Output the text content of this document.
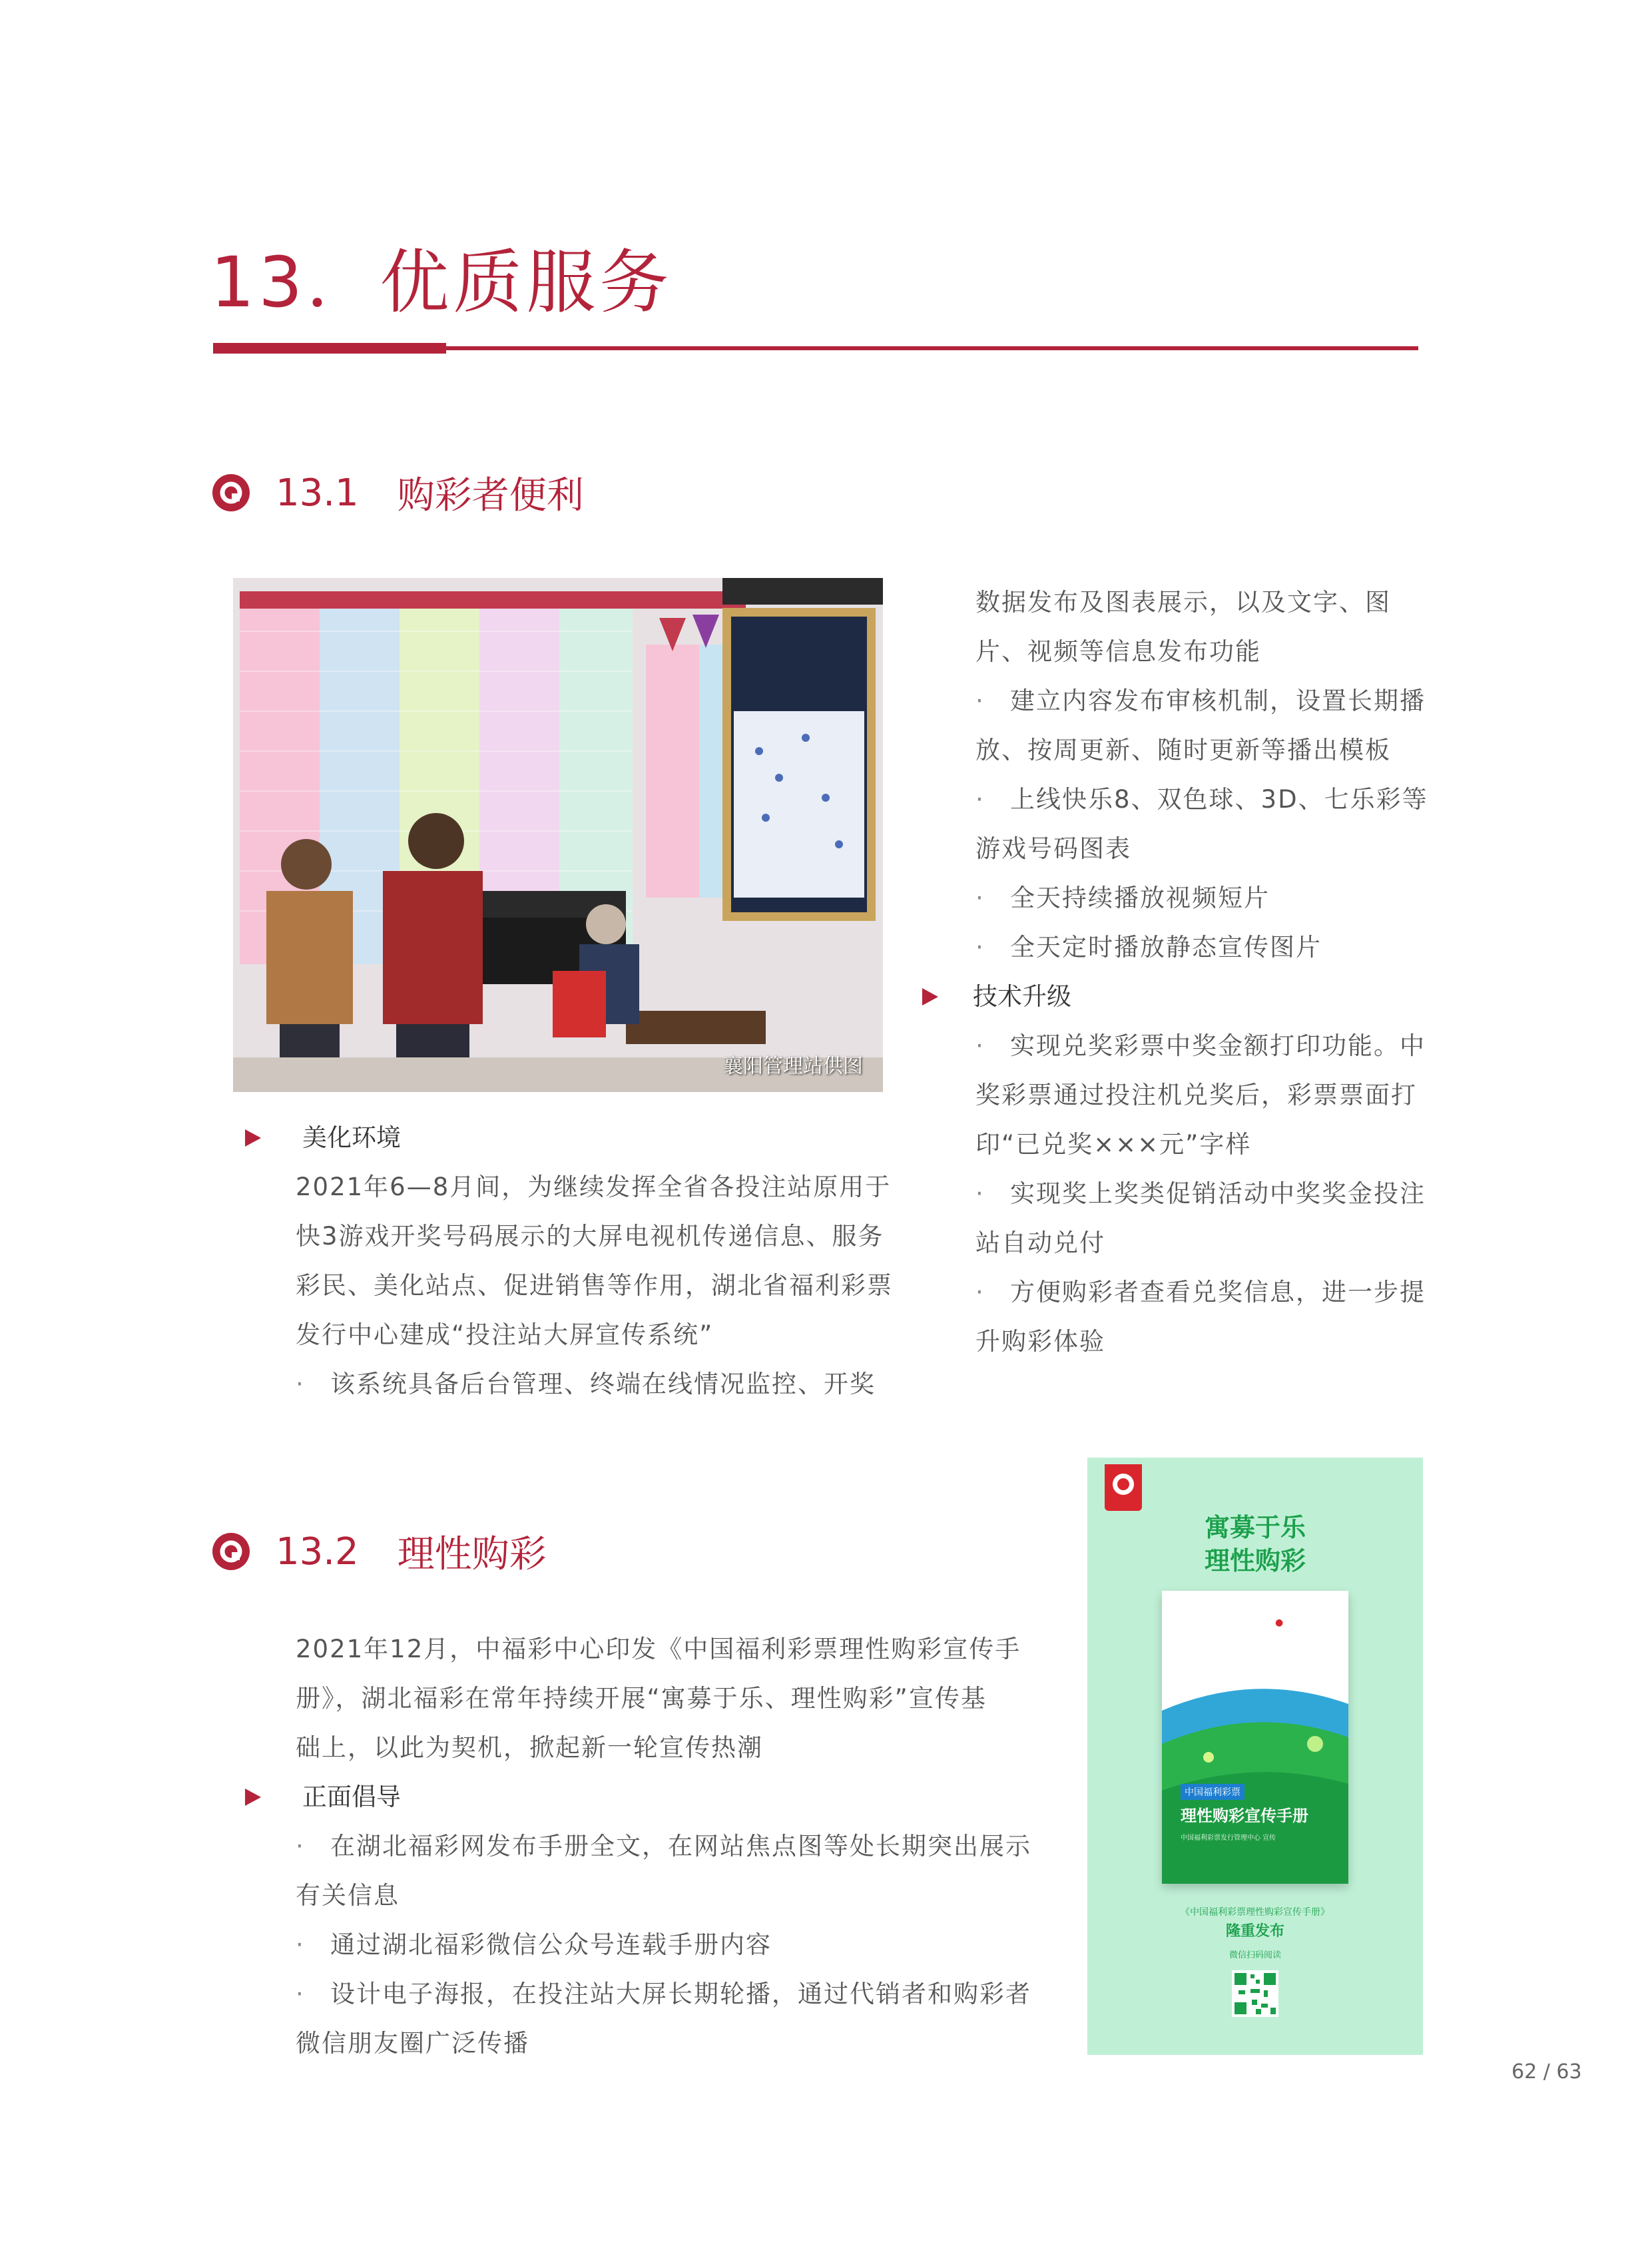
13．优质服务
13.1 购彩者便利
襄阳管理站供图
美化环境
2021年6—8月间，为继续发挥全省各投注站原用于
快3游戏开奖号码展示的大屏电视机传递信息、服务
彩民、美化站点、促进销售等作用，湖北省福利彩票
发行中心建成“投注站大屏宣传系统”
·	该系统具备后台管理、终端在线情况监控、开奖
数据发布及图表展示，以及文字、图
片、视频等信息发布功能
·	建立内容发布审核机制，设置长期播
放、按周更新、随时更新等播出模板
·	上线快乐8、双色球、3D、七乐彩等
游戏号码图表
·	全天持续播放视频短片
·	全天定时播放静态宣传图片
技术升级
·	实现兑奖彩票中奖金额打印功能。中
奖彩票通过投注机兑奖后，彩票票面打
印“已兑奖×××元”字样
·	实现奖上奖类促销活动中奖奖金投注
站自动兑付
·	方便购彩者查看兑奖信息，进一步提
升购彩体验
13.2 理性购彩
2021年12月，中福彩中心印发《中国福利彩票理性购彩宣传手
册》，湖北福彩在常年持续开展“寓募于乐、理性购彩”宣传基
础上，以此为契机，掀起新一轮宣传热潮
正面倡导
·	在湖北福彩网发布手册全文，在网站焦点图等处长期突出展示
有关信息
·	通过湖北福彩微信公众号连载手册内容
·	设计电子海报，在投注站大屏长期轮播，通过代销者和购彩者
微信朋友圈广泛传播
寓募于乐
理性购彩
●
中国福利彩票
理性购彩宣传手册
中国福利彩票发行管理中心 宣传
《中国福利彩票理性购彩宣传手册》
隆重发布
微信扫码阅读
62 / 63
